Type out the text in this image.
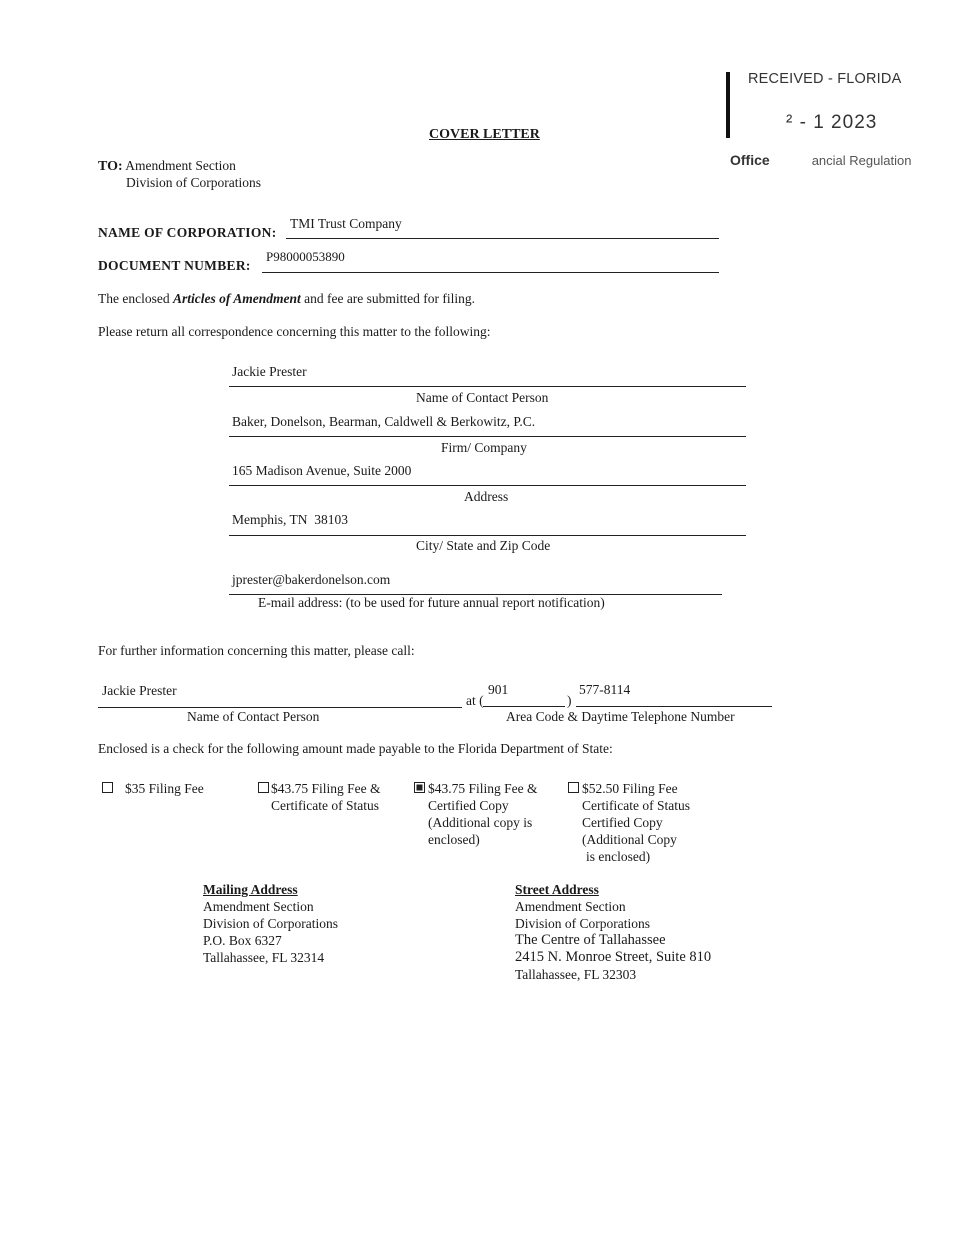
RECEIVED - FLORIDA
² - 1 2023
Office	ancial Regulation
COVER LETTER
TO: Amendment Section
Division of Corporations
NAME OF CORPORATION:
TMI Trust Company
DOCUMENT NUMBER:
P98000053890
The enclosed Articles of Amendment and fee are submitted for filing.
Please return all correspondence concerning this matter to the following:
Jackie Prester
Name of Contact Person
Baker, Donelson, Bearman, Caldwell & Berkowitz, P.C.
Firm/ Company
165 Madison Avenue, Suite 2000
Address
Memphis, TN  38103
City/ State and Zip Code
jprester@bakerdonelson.com
E-mail address: (to be used for future annual report notification)
For further information concerning this matter, please call:
Jackie Prester
Name of Contact Person
at (
901
)
577-8114
Area Code & Daytime Telephone Number
Enclosed is a check for the following amount made payable to the Florida Department of State:
$35 Filing Fee	$43.75 Filing Fee &
Certificate of Status
$43.75 Filing Fee &
Certified Copy
(Additional copy is
enclosed)
$52.50 Filing Fee
Certificate of Status
Certified Copy
(Additional Copy
is enclosed)
Mailing Address
Amendment Section
Division of Corporations
P.O. Box 6327
Tallahassee, FL 32314
Street Address
Amendment Section
Division of Corporations
The Centre of Tallahassee
2415 N. Monroe Street, Suite 810
Tallahassee, FL 32303
